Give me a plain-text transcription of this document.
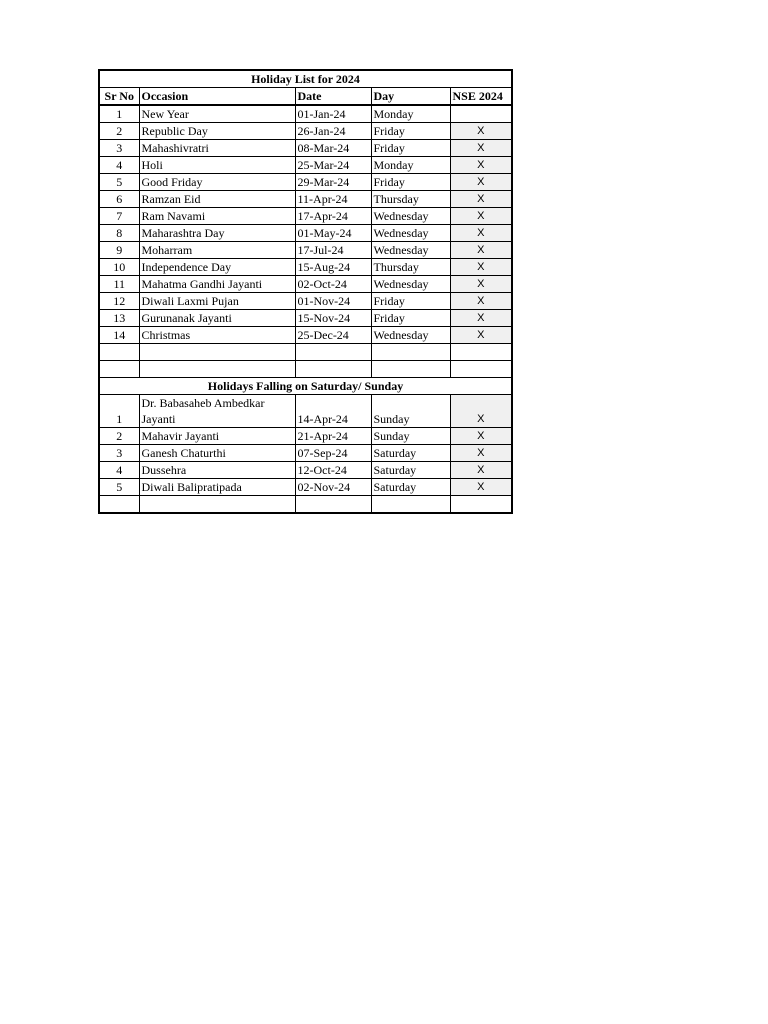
Holiday List for 2024				
Sr No	Occasion	Date	Day	NSE 2024
1	New Year	01-Jan-24	Monday	
2	Republic Day	26-Jan-24	Friday	X
3	Mahashivratri	08-Mar-24	Friday	X
4	Holi	25-Mar-24	Monday	X
5	Good Friday	29-Mar-24	Friday	X
6	Ramzan Eid	11-Apr-24	Thursday	X
7	Ram Navami	17-Apr-24	Wednesday	X
8	Maharashtra Day	01-May-24	Wednesday	X
9	Moharram	17-Jul-24	Wednesday	X
10	Independence Day	15-Aug-24	Thursday	X
11	Mahatma Gandhi Jayanti	02-Oct-24	Wednesday	X
12	Diwali Laxmi Pujan	01-Nov-24	Friday	X
13	Gurunanak Jayanti	15-Nov-24	Friday	X
14	Christmas	25-Dec-24	Wednesday	X

Holidays Falling on Saturday/ Sunday				
1	Dr. Babasaheb Ambedkar Jayanti	14-Apr-24	Sunday	X
2	Mahavir Jayanti	21-Apr-24	Sunday	X
3	Ganesh Chaturthi	07-Sep-24	Saturday	X
4	Dussehra	12-Oct-24	Saturday	X
5	Diwali Balipratipada	02-Nov-24	Saturday	X
